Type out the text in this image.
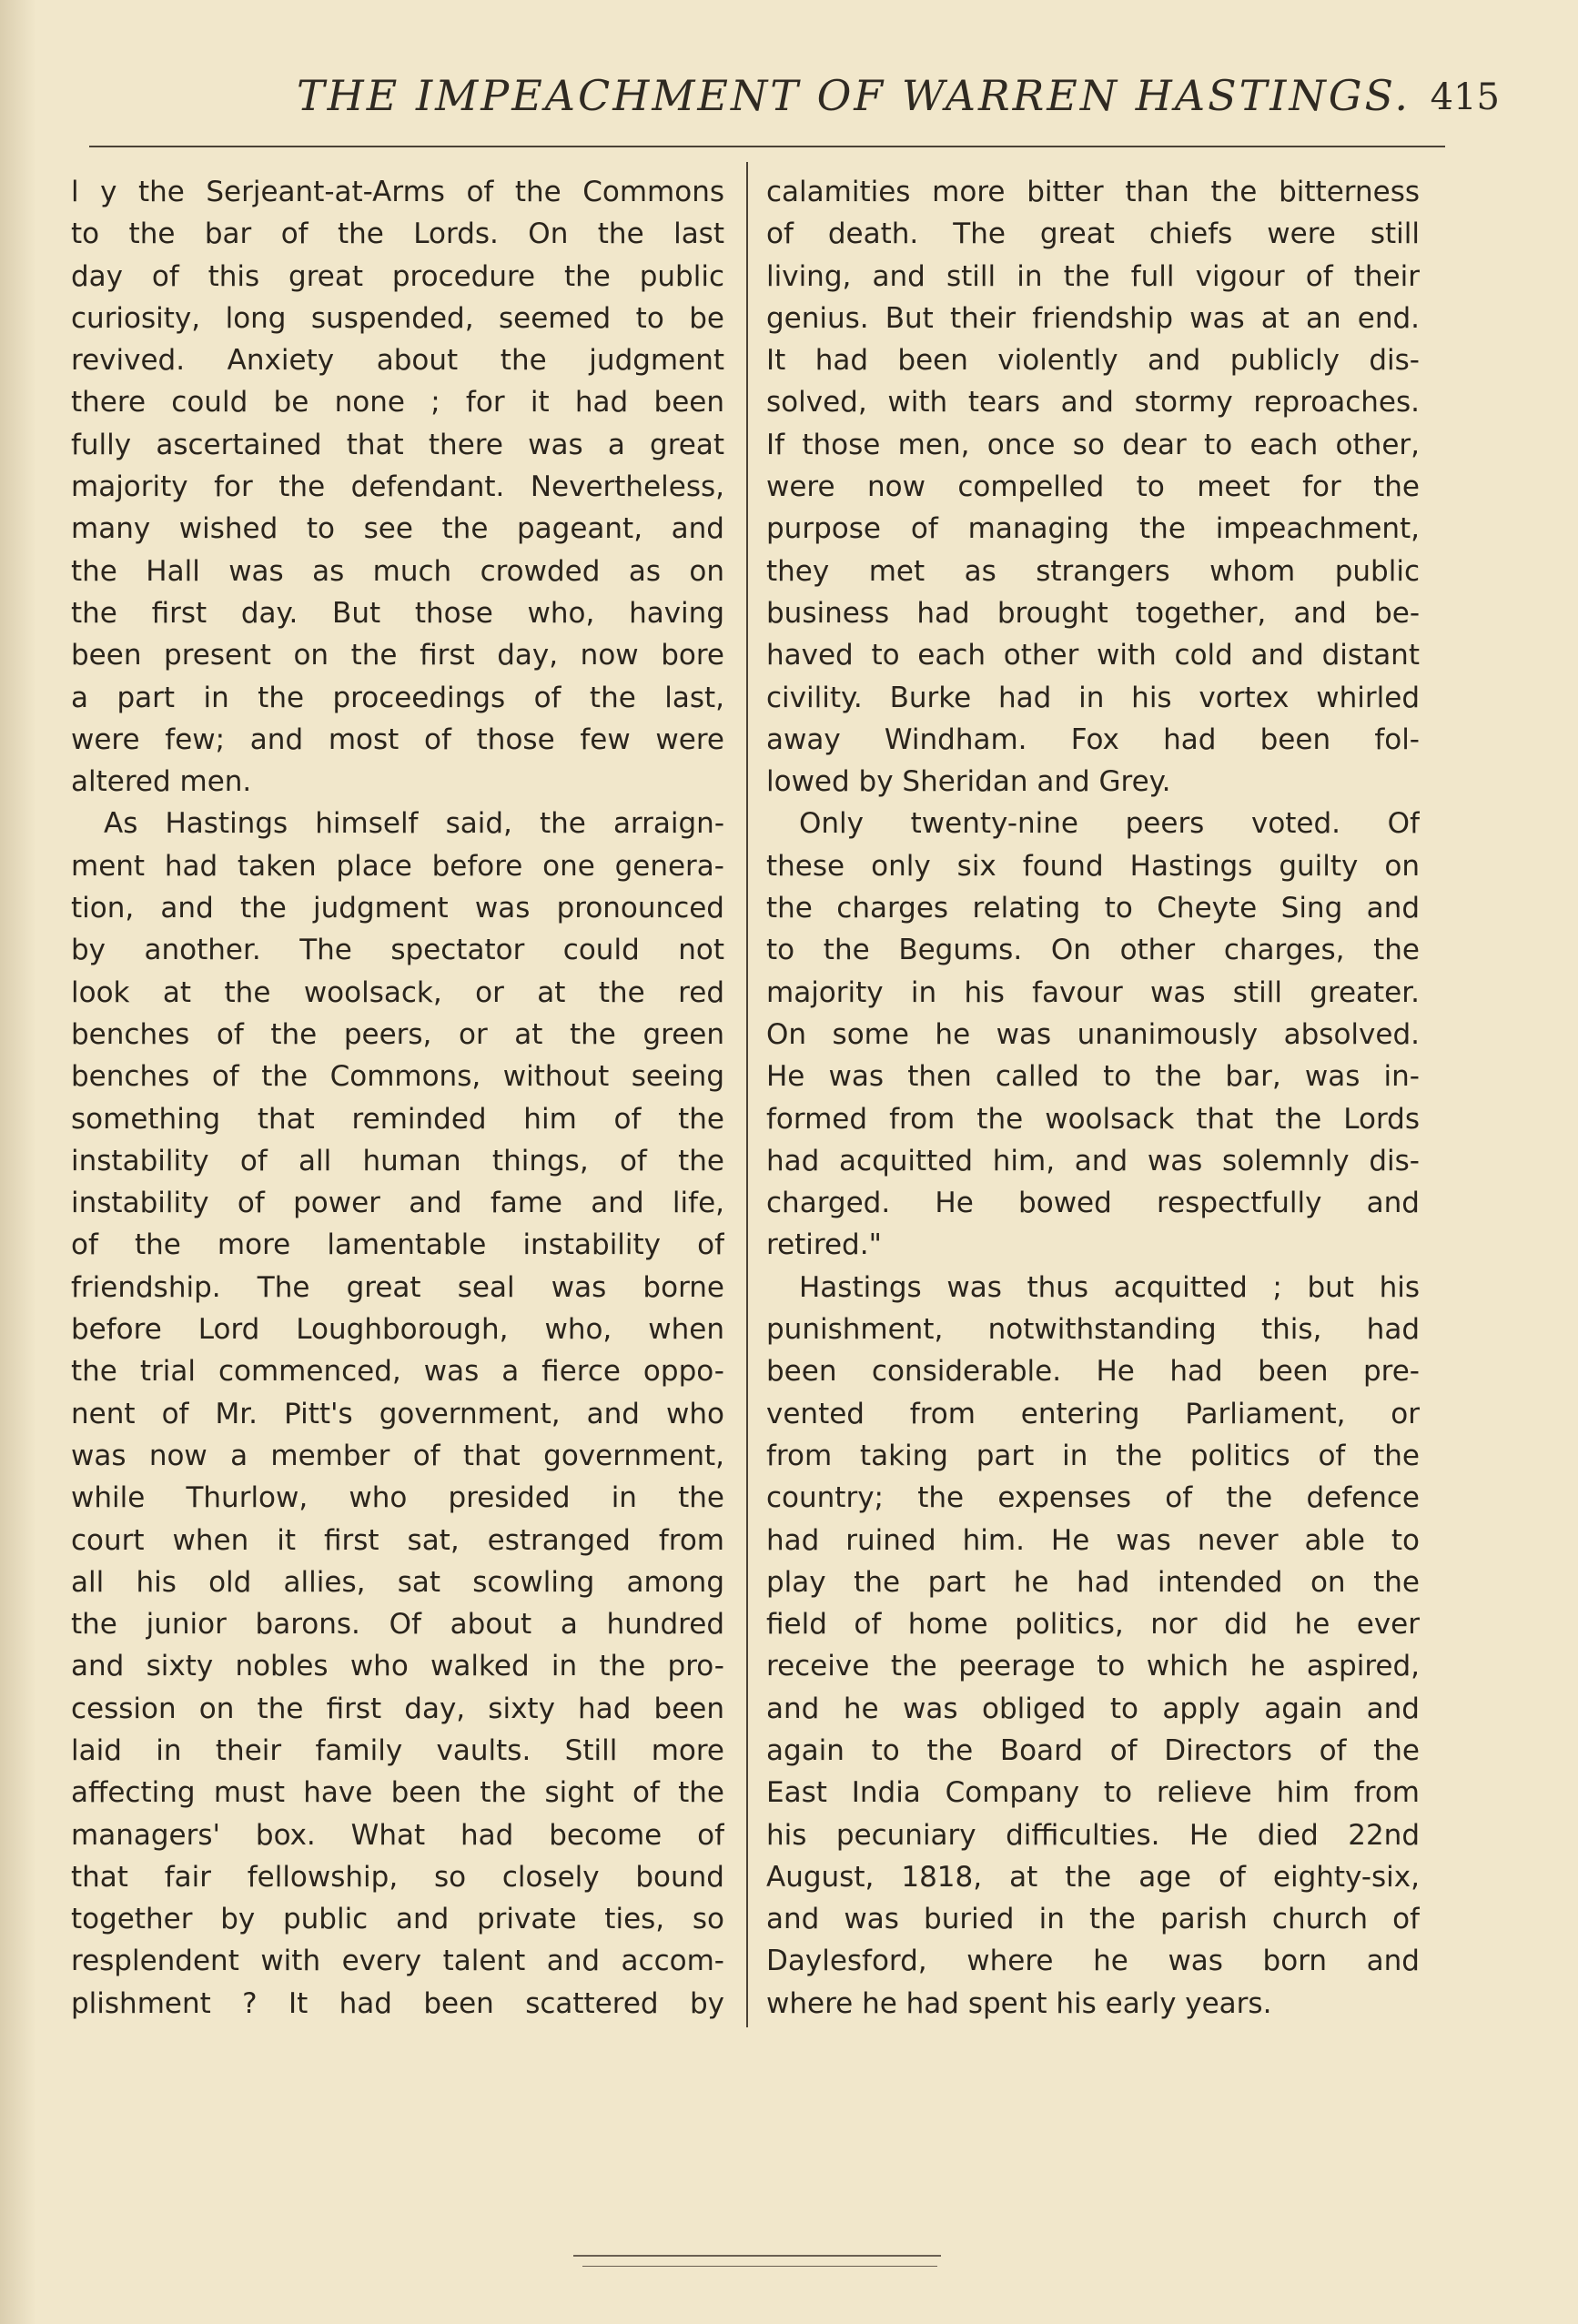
THE IMPEACHMENT OF WARREN HASTINGS. 415
l y the Serjeant-at-Arms of the Commons
to the bar of the Lords. On the last
day of this great procedure the public
curiosity, long suspended, seemed to be
revived. Anxiety about the judgment
there could be none ; for it had been
fully ascertained that there was a great
majority for the defendant. Nevertheless,
many wished to see the pageant, and
the Hall was as much crowded as on
the first day. But those who, having
been present on the first day, now bore
a part in the proceedings of the last,
were few; and most of those few were
altered men.
As Hastings himself said, the arraign-
ment had taken place before one genera-
tion, and the judgment was pronounced
by another. The spectator could not
look at the woolsack, or at the red
benches of the peers, or at the green
benches of the Commons, without seeing
something that reminded him of the
instability of all human things, of the
instability of power and fame and life,
of the more lamentable instability of
friendship. The great seal was borne
before Lord Loughborough, who, when
the trial commenced, was a fierce oppo-
nent of Mr. Pitt's government, and who
was now a member of that government,
while Thurlow, who presided in the
court when it first sat, estranged from
all his old allies, sat scowling among
the junior barons. Of about a hundred
and sixty nobles who walked in the pro-
cession on the first day, sixty had been
laid in their family vaults. Still more
affecting must have been the sight of the
managers' box. What had become of
that fair fellowship, so closely bound
together by public and private ties, so
resplendent with every talent and accom-
plishment ? It had been scattered by
calamities more bitter than the bitterness
of death. The great chiefs were still
living, and still in the full vigour of their
genius. But their friendship was at an end.
It had been violently and publicly dis-
solved, with tears and stormy reproaches.
If those men, once so dear to each other,
were now compelled to meet for the
purpose of managing the impeachment,
they met as strangers whom public
business had brought together, and be-
haved to each other with cold and distant
civility. Burke had in his vortex whirled
away Windham. Fox had been fol-
lowed by Sheridan and Grey.
Only twenty-nine peers voted. Of
these only six found Hastings guilty on
the charges relating to Cheyte Sing and
to the Begums. On other charges, the
majority in his favour was still greater.
On some he was unanimously absolved.
He was then called to the bar, was in-
formed from the woolsack that the Lords
had acquitted him, and was solemnly dis-
charged. He bowed respectfully and
retired."
Hastings was thus acquitted ; but his
punishment, notwithstanding this, had
been considerable. He had been pre-
vented from entering Parliament, or
from taking part in the politics of the
country; the expenses of the defence
had ruined him. He was never able to
play the part he had intended on the
field of home politics, nor did he ever
receive the peerage to which he aspired,
and he was obliged to apply again and
again to the Board of Directors of the
East India Company to relieve him from
his pecuniary difficulties. He died 22nd
August, 1818, at the age of eighty-six,
and was buried in the parish church of
Daylesford, where he was born and
where he had spent his early years.
